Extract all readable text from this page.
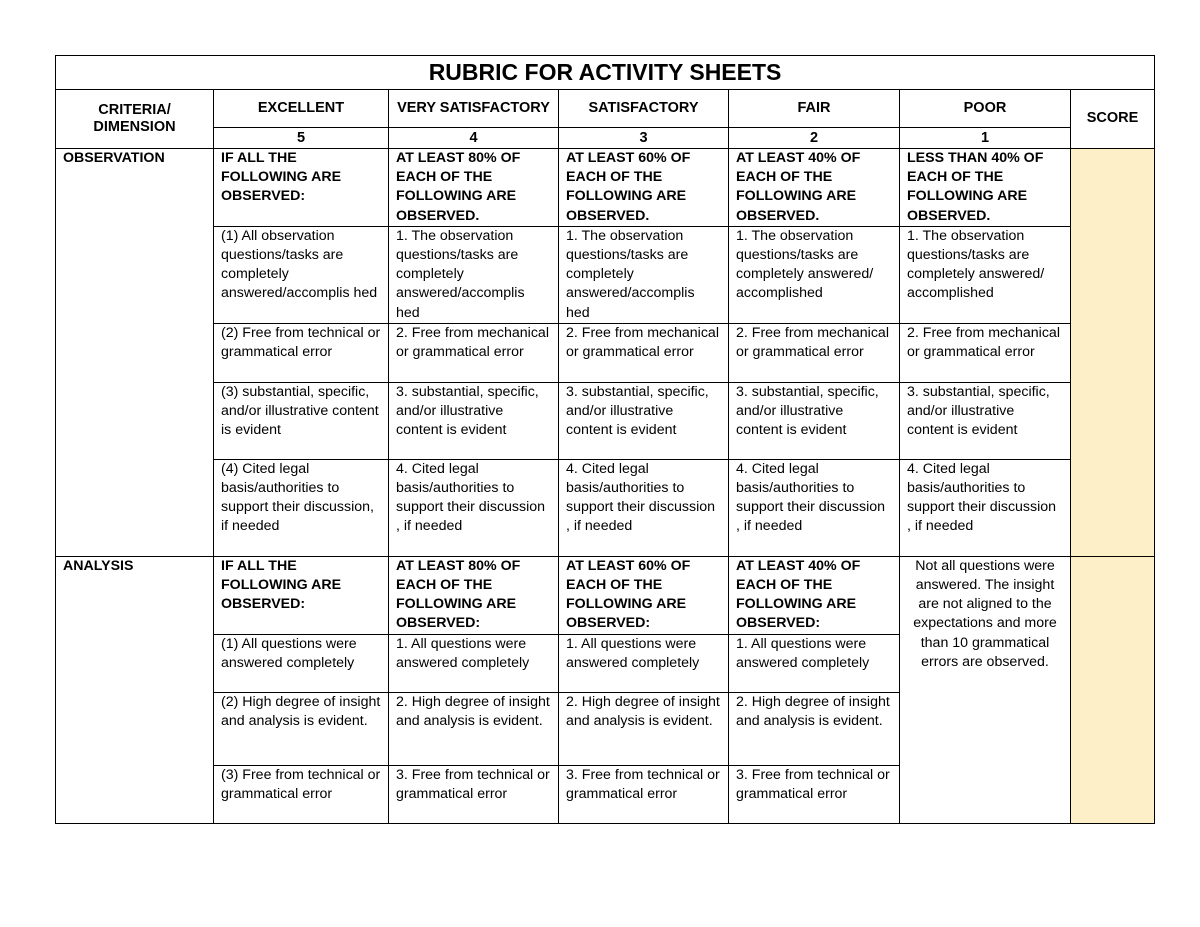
RUBRIC FOR ACTIVITY SHEETS						
CRITERIA/ DIMENSION	EXCELLENT	VERY SATISFACTORY	SATISFACTORY	FAIR	POOR	SCORE
	5	4	3	2	1	
OBSERVATION	IF ALL THE FOLLOWING ARE OBSERVED:	AT LEAST 80% OF EACH OF THE FOLLOWING ARE OBSERVED.	AT LEAST 60% OF EACH OF THE FOLLOWING ARE OBSERVED.	AT LEAST 40% OF EACH OF THE FOLLOWING ARE OBSERVED.	LESS THAN 40% OF EACH OF THE FOLLOWING ARE OBSERVED.	
	(1) All observation questions/tasks are completely answered/accomplis hed	1. The observation questions/tasks are completely answered/accomplis hed	1. The observation questions/tasks are completely answered/accomplis hed	1. The observation questions/tasks are completely answered/ accomplished	1. The observation questions/tasks are completely answered/ accomplished	
	(2) Free from technical or grammatical error	2. Free from mechanical or grammatical error	2. Free from mechanical or grammatical error	2. Free from mechanical or grammatical error	2. Free from mechanical or grammatical error	
	(3) substantial, specific, and/or illustrative content is evident	3. substantial, specific, and/or illustrative content is evident	3. substantial, specific, and/or illustrative content is evident	3. substantial, specific, and/or illustrative content is evident	3. substantial, specific, and/or illustrative content is evident	
	(4) Cited legal basis/authorities to support their discussion, if needed	4. Cited legal basis/authorities to support their discussion , if needed	4. Cited legal basis/authorities to support their discussion , if needed	4. Cited legal basis/authorities to support their discussion , if needed	4. Cited legal basis/authorities to support their discussion , if needed	
ANALYSIS	IF ALL THE FOLLOWING ARE OBSERVED:	AT LEAST 80% OF EACH OF THE FOLLOWING ARE OBSERVED:	AT LEAST 60% OF EACH OF THE FOLLOWING ARE OBSERVED:	AT LEAST 40% OF EACH OF THE FOLLOWING ARE OBSERVED:	Not all questions were answered. The insight are not aligned to the expectations and more than 10 grammatical errors are observed.	
	(1) All questions were answered completely	1. All questions were answered completely	1. All questions were answered completely	1. All questions were answered completely		
	(2) High degree of insight and analysis is evident.	2. High degree of insight and analysis is evident.	2. High degree of insight and analysis is evident.	2. High degree of insight and analysis is evident.		
	(3) Free from technical or grammatical error	3. Free from technical or grammatical error	3. Free from technical or grammatical error	3. Free from technical or grammatical error		
